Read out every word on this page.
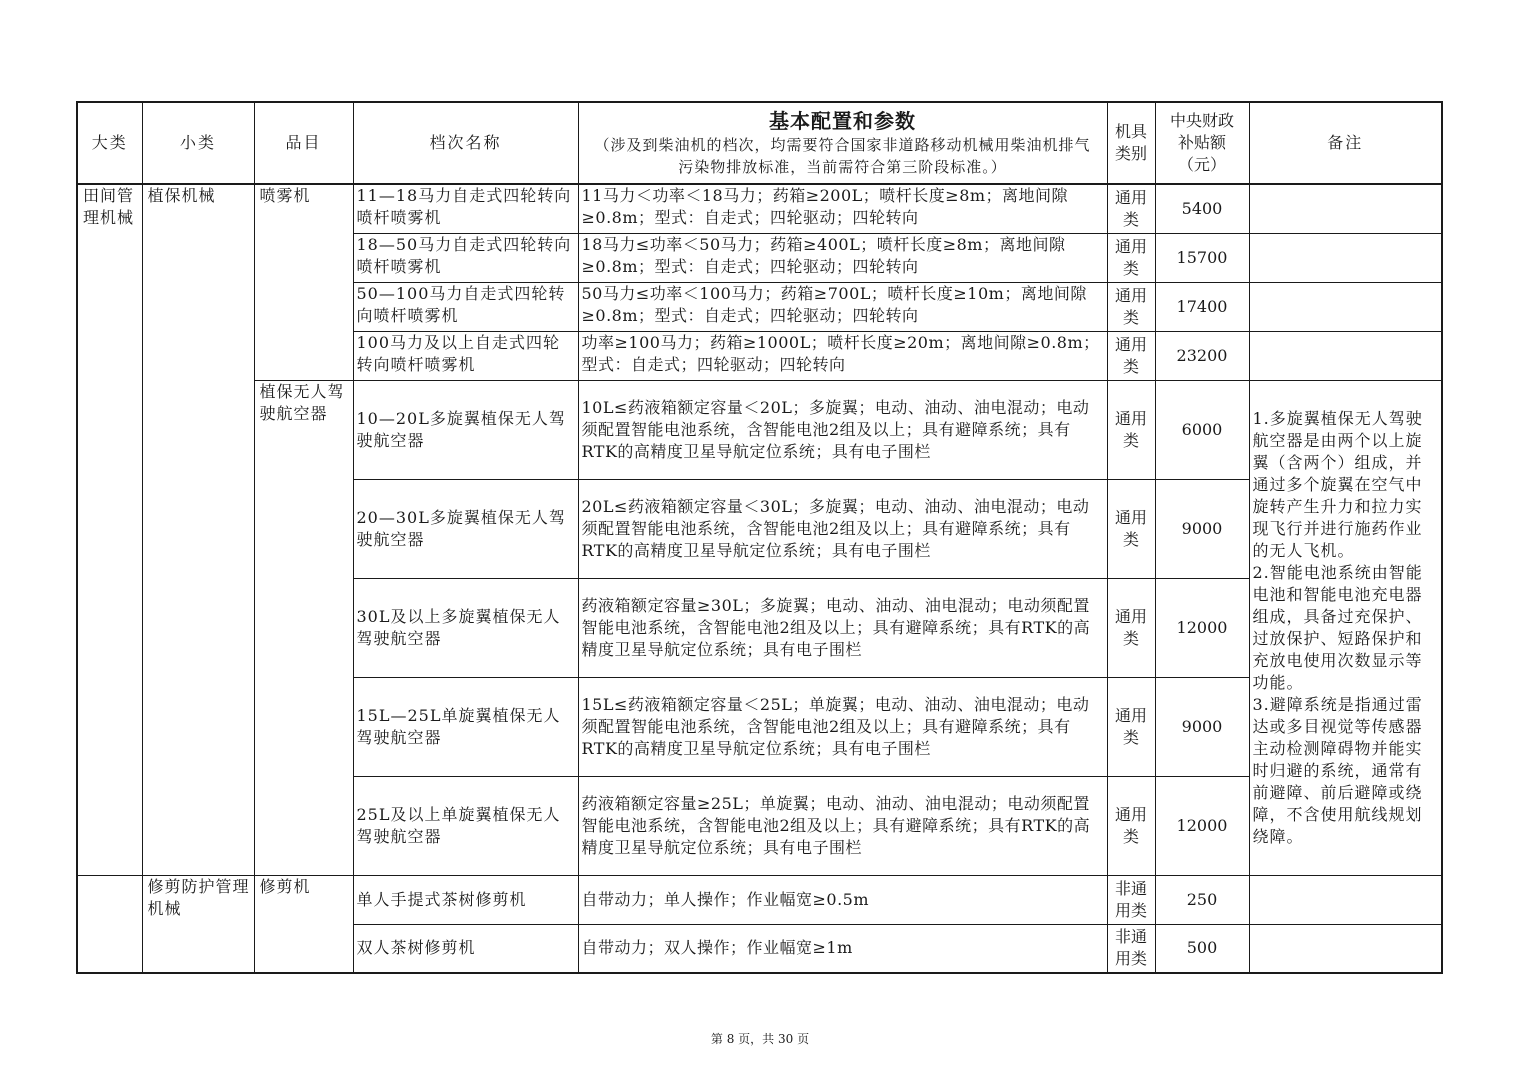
大类	小类	品目	档次名称	基本配置和参数
（涉及到柴油机的档次，均需要符合国家非道路移动机械用柴油机排气污染物排放标准，当前需符合第三阶段标准。）	机具类别	中央财政补贴额（元）	备注
田间管理机械	植保机械	喷雾机	11—18马力自走式四轮转向喷杆喷雾机	11马力＜功率＜18马力；药箱≥200L；喷杆长度≥8m；离地间隙≥0.8m；型式：自走式；四轮驱动；四轮转向	通用类	5400	
			18—50马力自走式四轮转向喷杆喷雾机	18马力≤功率＜50马力；药箱≥400L；喷杆长度≥8m；离地间隙≥0.8m；型式：自走式；四轮驱动；四轮转向	通用类	15700	
			50—100马力自走式四轮转向喷杆喷雾机	50马力≤功率＜100马力；药箱≥700L；喷杆长度≥10m；离地间隙≥0.8m；型式：自走式；四轮驱动；四轮转向	通用类	17400	
			100马力及以上自走式四轮转向喷杆喷雾机	功率≥100马力；药箱≥1000L；喷杆长度≥20m；离地间隙≥0.8m；型式：自走式；四轮驱动；四轮转向	通用类	23200	
		植保无人驾驶航空器	10—20L多旋翼植保无人驾驶航空器	10L≤药液箱额定容量＜20L；多旋翼；电动、油动、油电混动；电动须配置智能电池系统，含智能电池2组及以上；具有避障系统；具有RTK的高精度卫星导航定位系统；具有电子围栏	通用类	6000	1.多旋翼植保无人驾驶航空器是由两个以上旋翼（含两个）组成，并通过多个旋翼在空气中旋转产生升力和拉力实现飞行并进行施药作业的无人飞机。
2.智能电池系统由智能电池和智能电池充电器组成，具备过充保护、过放保护、短路保护和充放电使用次数显示等功能。
3.避障系统是指通过雷达或多目视觉等传感器主动检测障碍物并能实时归避的系统，通常有前避障、前后避障或绕障，不含使用航线规划绕障。
			20—30L多旋翼植保无人驾驶航空器	20L≤药液箱额定容量＜30L；多旋翼；电动、油动、油电混动；电动须配置智能电池系统，含智能电池2组及以上；具有避障系统；具有RTK的高精度卫星导航定位系统；具有电子围栏	通用类	9000	
			30L及以上多旋翼植保无人驾驶航空器	药液箱额定容量≥30L；多旋翼；电动、油动、油电混动；电动须配置智能电池系统，含智能电池2组及以上；具有避障系统；具有RTK的高精度卫星导航定位系统；具有电子围栏	通用类	12000	
			15L—25L单旋翼植保无人驾驶航空器	15L≤药液箱额定容量＜25L；单旋翼；电动、油动、油电混动；电动须配置智能电池系统，含智能电池2组及以上；具有避障系统；具有RTK的高精度卫星导航定位系统；具有电子围栏	通用类	9000	
			25L及以上单旋翼植保无人驾驶航空器	药液箱额定容量≥25L；单旋翼；电动、油动、油电混动；电动须配置智能电池系统，含智能电池2组及以上；具有避障系统；具有RTK的高精度卫星导航定位系统；具有电子围栏	通用类	12000	
	修剪防护管理机械	修剪机	单人手提式茶树修剪机	自带动力；单人操作；作业幅宽≥0.5m	非通用类	250	
			双人茶树修剪机	自带动力；双人操作；作业幅宽≥1m	非通用类	500	
第 8 页，共 30 页
